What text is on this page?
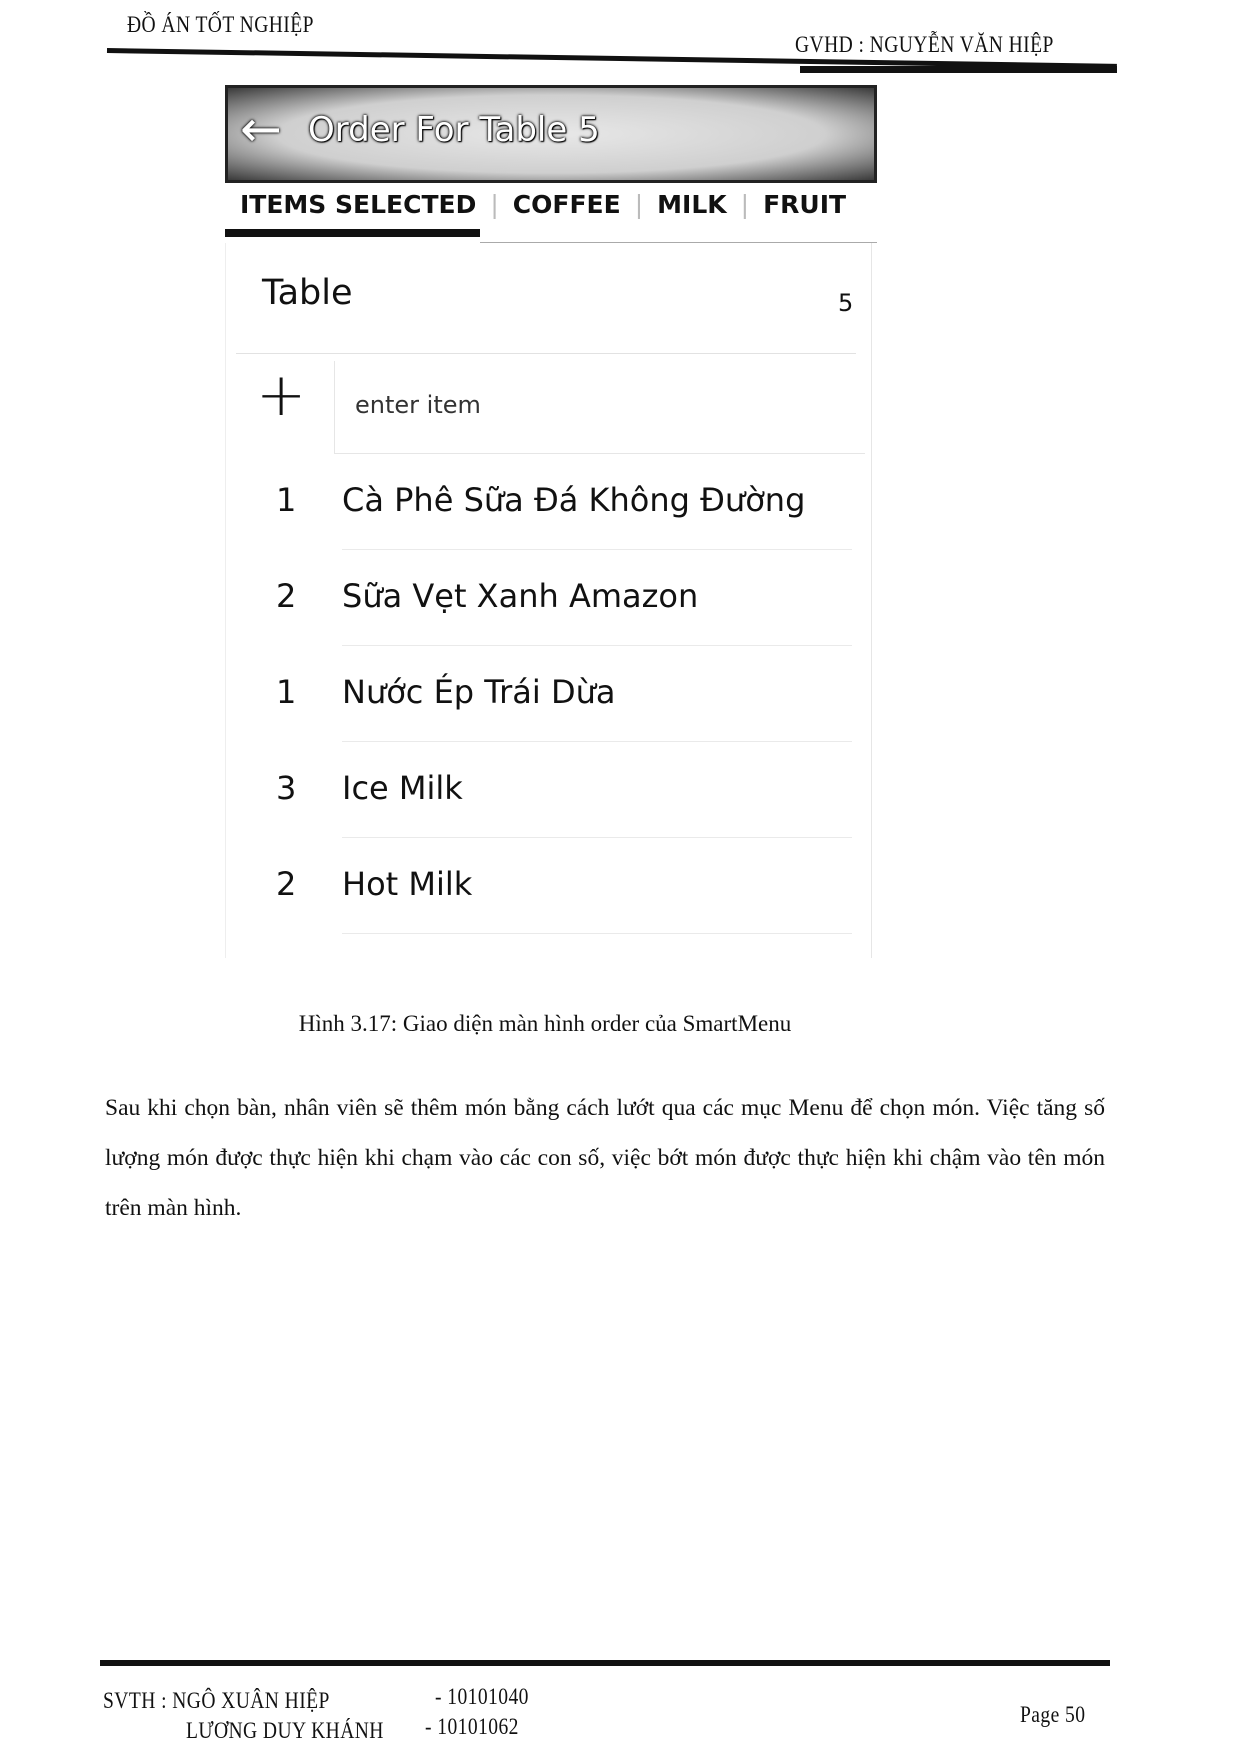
ĐỒ ÁN TỐT NGHIỆP
GVHD : NGUYỄN VĂN HIỆP
← Order For Table 5
ITEMS SELECTED | COFFEE | MILK | FRUIT
Table	5
+ enter item
1 Cà Phê Sữa Đá Không Đường
2 Sữa Vẹt Xanh Amazon
1 Nước Ép Trái Dừa
3 Ice Milk
2 Hot Milk
Hình 3.17: Giao diện màn hình order của SmartMenu
Sau khi chọn bàn, nhân viên sẽ thêm món bằng cách lướt qua các mục Menu để chọn món. Việc tăng số lượng món được thực hiện khi chạm vào các con số, việc bớt món được thực hiện khi chậm vào tên món trên màn hình.
SVTH : NGÔ XUÂN HIỆP	- 10101040
LƯƠNG DUY KHÁNH - 10101062	Page 50
